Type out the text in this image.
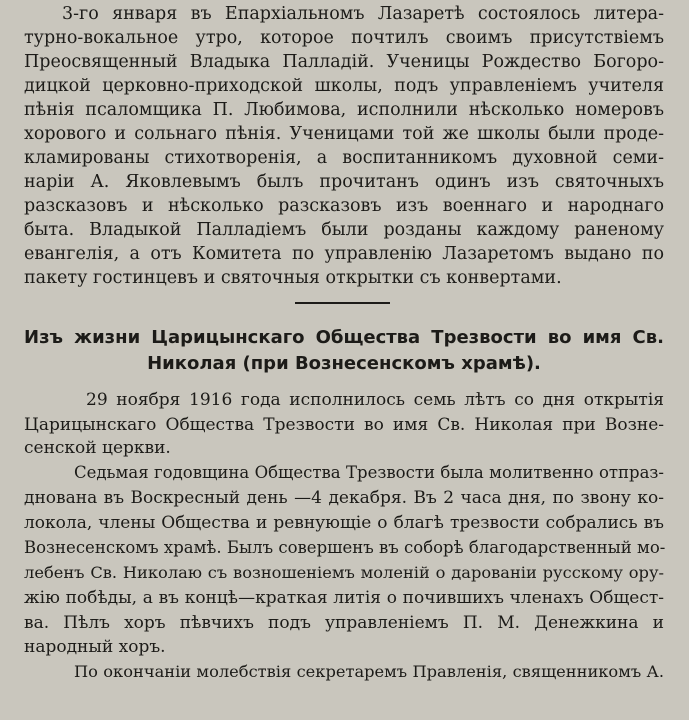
3-го января въ Епархіальномъ Лазаретѣ состоялось литера-
турно-вокальное утро, которое почтилъ своимъ присутствіемъ
Преосвященный Владыка Палладій. Ученицы Рождество Богоро-
дицкой церковно-приходской школы, подъ управленіемъ учителя
пѣнія псаломщика П. Любимова, исполнили нѣсколько номеровъ
хорового и сольнаго пѣнія. Ученицами той же школы были проде-
кламированы стихотворенія, а воспитанникомъ духовной семи-
наріи А. Яковлевымъ былъ прочитанъ одинъ изъ святочныхъ
разсказовъ и нѣсколько разсказовъ изъ военнаго и народнаго
быта. Владыкой Палладіемъ были розданы каждому раненому
евангелія, а отъ Комитета по управленію Лазаретомъ выдано по
пакету гостинцевъ и святочныя открытки съ конвертами.
Изъ жизни Царицынскаго Общества Трезвости во имя Св.
Николая (при Вознесенскомъ храмѣ).
29 ноября 1916 года исполнилось семь лѣтъ со дня открытія
Царицынскаго Общества Трезвости во имя Св. Николая при Возне-
сенской церкви.
Седьмая годовщина Общества Трезвости была молитвенно отпраз-
днована въ Воскресный день —4 декабря. Въ 2 часа дня, по звону ко-
локола, члены Общества и ревнующіе о благѣ трезвости собрались въ
Вознесенскомъ храмѣ. Былъ совершенъ въ соборѣ благодарственный мо-
лебенъ Св. Николаю съ возношеніемъ моленій о дарованіи русскому ору-
жію побѣды, а въ концѣ—краткая литія о почившихъ членахъ Общест-
ва. Пѣлъ хоръ пѣвчихъ подъ управленіемъ П. М. Денежкина и
народный хоръ.
По окончаніи молебствія секретаремъ Правленія, священникомъ А.
